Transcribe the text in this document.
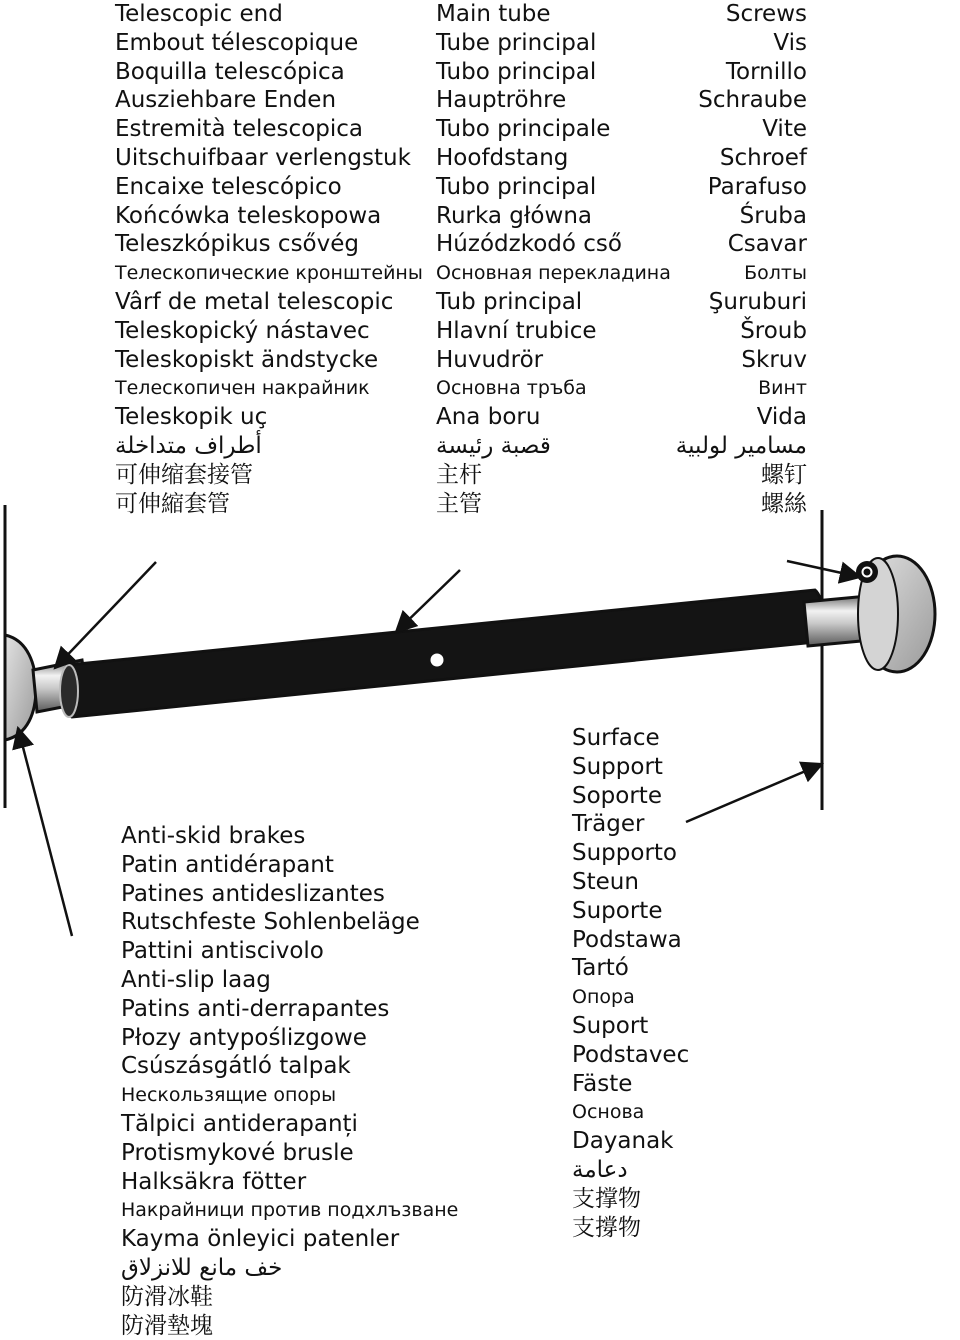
Telescopic end
Embout télescopique
Boquilla telescópica
Ausziehbare Enden
Estremità telescopica
Uitschuifbaar verlengstuk
Encaixe telescópico
Końcówka teleskopowa
Teleszkópikus csővég
Телескопические кронштейны
Vârf de metal telescopic
Teleskopický nástavec
Teleskopiskt ändstycke
Телескопичен накрайник
Teleskopik uç
أطراف متداخلة
可伸缩套接管
可伸縮套管
Main tube
Tube principal
Tubo principal
Hauptröhre
Tubo principale
Hoofdstang
Tubo principal
Rurka główna
Húzódzkodó cső
Основная перекладина
Tub principal
Hlavní trubice
Huvudrör
Основна тръба
Ana boru
قصبة رئيسة
主杆
主管
Screws
Vis
Tornillo
Schraube
Vite
Schroef
Parafuso
Śruba
Csavar
Болты
Şuruburi
Šroub
Skruv
Винт
Vida
مسامير لولبية
螺钉
螺絲
Anti-skid brakes
Patin antidérapant
Patines antideslizantes
Rutschfeste Sohlenbeläge
Pattini antiscivolo
Anti-slip laag
Patins anti-derrapantes
Płozy antypoślizgowe
Csúszásgátló talpak
Нескользящие опоры
Tălpici antiderapanți
Protismykové brusle
Halksäkra fötter
Накрайници против подхлъзване
Kayma önleyici patenler
خف مانع للانزلاق
防滑冰鞋
防滑墊塊
Surface
Support
Soporte
Träger
Supporto
Steun
Suporte
Podstawa
Tartó
Опора
Suport
Podstavec
Fäste
Основа
Dayanak
دعامة
支撑物
支撐物
